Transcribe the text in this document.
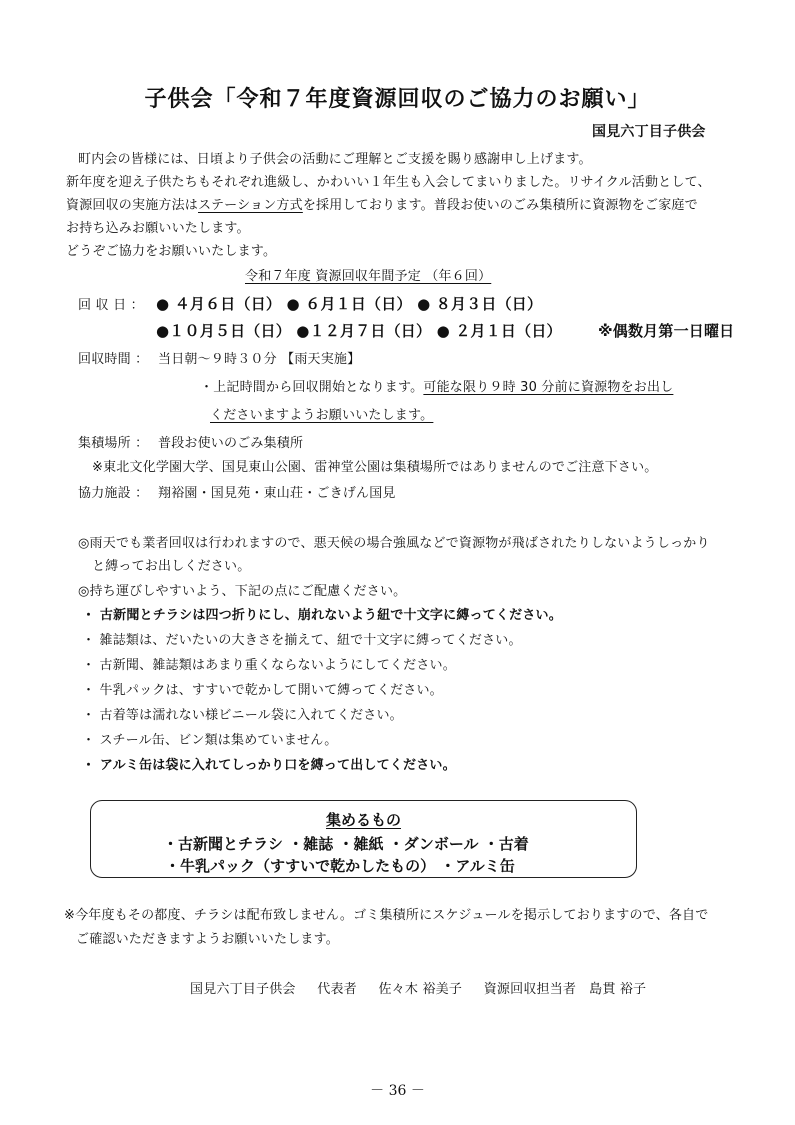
子供会「令和７年度資源回収のご協力のお願い」
国見六丁目子供会
町内会の皆様には、日頃より子供会の活動にご理解とご支援を賜り感謝申し上げます。
新年度を迎え子供たちもそれぞれ進級し、かわいい１年生も入会してまいりました。リサイクル活動として、
資源回収の実施方法はステーション方式を採用しております。普段お使いのごみ集積所に資源物をご家庭で
お持ち込みお願いいたします。
どうぞご協力をお願いいたします。
令和７年度 資源回収年間予定 （年６回）
回 収 日 ： ● ４月６日（日） ● ６月１日（日） ● ８月３日（日）
●１０月５日（日） ●１２月７日（日） ● ２月１日（日） ※偶数月第一日曜日
回収時間 ： 当日朝～９時３０分 【雨天実施】
・上記時間から回収開始となります。可能な限り９時 30 分前に資源物をお出し
くださいますようお願いいたします。
集積場所 ： 普段お使いのごみ集積所
※東北文化学園大学、国見東山公園、雷神堂公園は集積場所ではありませんのでご注意下さい。
協力施設 ： 翔裕園・国見苑・東山荘・ごきげん国見
◎雨天でも業者回収は行われますので、悪天候の場合強風などで資源物が飛ばされたりしないようしっかり
と縛ってお出しください。
◎持ち運びしやすいよう、下記の点にご配慮ください。
・ 古新聞とチラシは四つ折りにし、崩れないよう紐で十文字に縛ってください。
・ 雑誌類は、だいたいの大きさを揃えて、紐で十文字に縛ってください。
・ 古新聞、雑誌類はあまり重くならないようにしてください。
・ 牛乳パックは、すすいで乾かして開いて縛ってください。
・ 古着等は濡れない様ビニール袋に入れてください。
・ スチール缶、ビン類は集めていません。
・ アルミ缶は袋に入れてしっかり口を縛って出してください。
集めるもの
・古新聞とチラシ ・雑誌 ・雑紙 ・ダンボール ・古着
・牛乳パック（すすいで乾かしたもの） ・アルミ缶
※今年度もその都度、チラシは配布致しません。ゴミ集積所にスケジュールを掲示しておりますので、各自で
ご確認いただきますようお願いいたします。
国見六丁目子供会     代表者     佐々木 裕美子     資源回収担当者   島貫 裕子
－ 36 －
